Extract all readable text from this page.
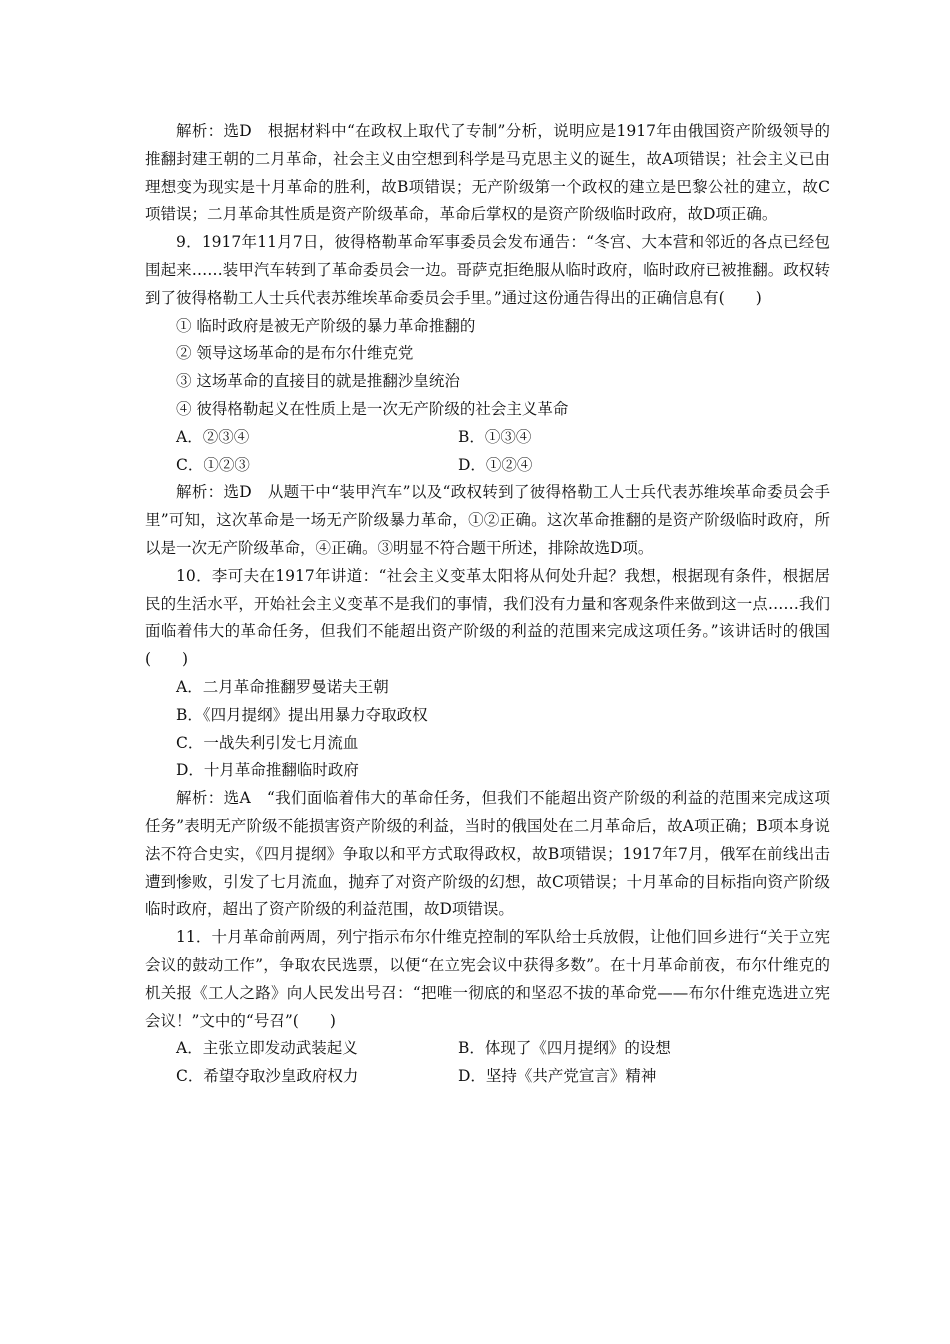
解析：选D　根据材料中“在政权上取代了专制”分析，说明应是1917年由俄国资产阶级领导的推翻封建王朝的二月革命，社会主义由空想到科学是马克思主义的诞生，故A项错误；社会主义已由理想变为现实是十月革命的胜利，故B项错误；无产阶级第一个政权的建立是巴黎公社的建立，故C项错误；二月革命其性质是资产阶级革命，革命后掌权的是资产阶级临时政府，故D项正确。

9．1917年11月7日，彼得格勒革命军事委员会发布通告：“冬宫、大本营和邻近的各点已经包围起来……装甲汽车转到了革命委员会一边。哥萨克拒绝服从临时政府，临时政府已被推翻。政权转到了彼得格勒工人士兵代表苏维埃革命委员会手里。”通过这份通告得出的正确信息有(　　)

① 临时政府是被无产阶级的暴力革命推翻的

② 领导这场革命的是布尔什维克党

③ 这场革命的直接目的就是推翻沙皇统治

④ 彼得格勒起义在性质上是一次无产阶级的社会主义革命

A．②③④	B．①③④
C．①②③	D．①②④

解析：选D　从题干中“装甲汽车”以及“政权转到了彼得格勒工人士兵代表苏维埃革命委员会手里”可知，这次革命是一场无产阶级暴力革命，①②正确。这次革命推翻的是资产阶级临时政府，所以是一次无产阶级革命，④正确。③明显不符合题干所述，排除故选D项。

10．李可夫在1917年讲道：“社会主义变革太阳将从何处升起？我想，根据现有条件，根据居民的生活水平，开始社会主义变革不是我们的事情，我们没有力量和客观条件来做到这一点……我们面临着伟大的革命任务，但我们不能超出资产阶级的利益的范围来完成这项任务。”该讲话时的俄国(　　)

A．二月革命推翻罗曼诺夫王朝

B．《四月提纲》提出用暴力夺取政权

C．一战失利引发七月流血

D．十月革命推翻临时政府

解析：选A　“我们面临着伟大的革命任务，但我们不能超出资产阶级的利益的范围来完成这项任务”表明无产阶级不能损害资产阶级的利益，当时的俄国处在二月革命后，故A项正确；B项本身说法不符合史实，《四月提纲》争取以和平方式取得政权，故B项错误；1917年7月，俄军在前线出击遭到惨败，引发了七月流血，抛弃了对资产阶级的幻想，故C项错误；十月革命的目标指向资产阶级临时政府，超出了资产阶级的利益范围，故D项错误。

11．十月革命前两周，列宁指示布尔什维克控制的军队给士兵放假，让他们回乡进行“关于立宪会议的鼓动工作”，争取农民选票，以便“在立宪会议中获得多数”。在十月革命前夜，布尔什维克的机关报《工人之路》向人民发出号召：“把唯一彻底的和坚忍不拔的革命党——布尔什维克选进立宪会议！”文中的“号召”(　　)

A．主张立即发动武装起义	B．体现了《四月提纲》的设想
C．希望夺取沙皇政府权力	D．坚持《共产党宣言》精神
